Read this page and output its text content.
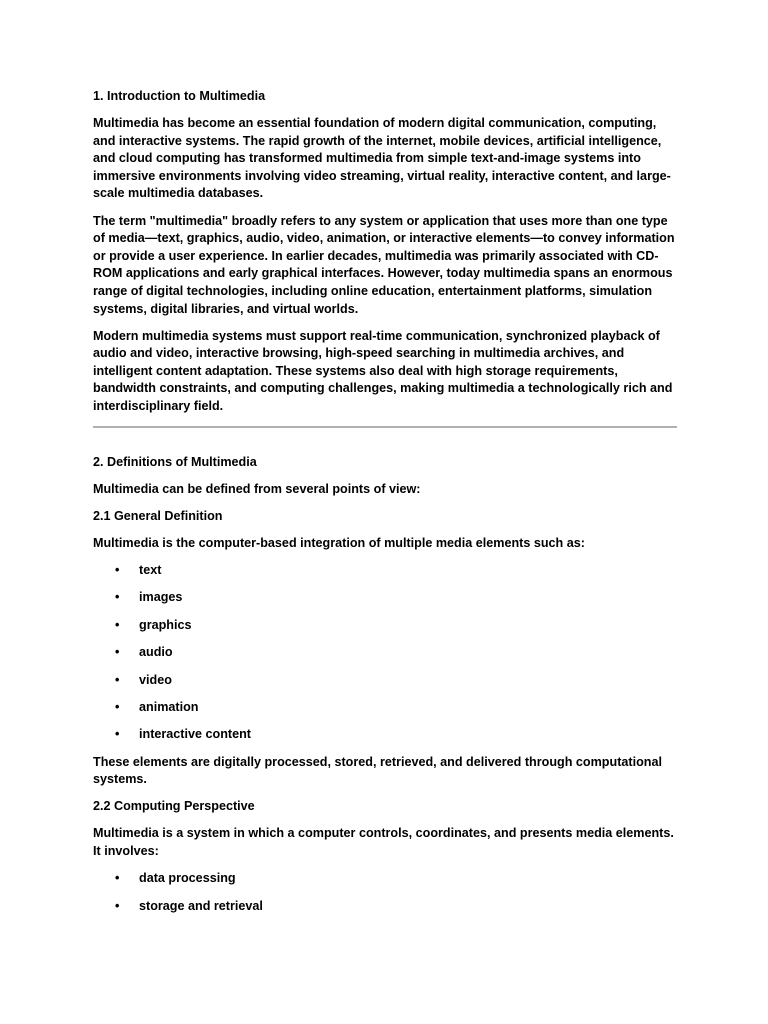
1. Introduction to Multimedia

Multimedia has become an essential foundation of modern digital communication, computing, and interactive systems. The rapid growth of the internet, mobile devices, artificial intelligence, and cloud computing has transformed multimedia from simple text-and-image systems into immersive environments involving video streaming, virtual reality, interactive content, and large-scale multimedia databases.

The term "multimedia" broadly refers to any system or application that uses more than one type of media—text, graphics, audio, video, animation, or interactive elements—to convey information or provide a user experience. In earlier decades, multimedia was primarily associated with CD-ROM applications and early graphical interfaces. However, today multimedia spans an enormous range of digital technologies, including online education, entertainment platforms, simulation systems, digital libraries, and virtual worlds.

Modern multimedia systems must support real-time communication, synchronized playback of audio and video, interactive browsing, high-speed searching in multimedia archives, and intelligent content adaptation. These systems also deal with high storage requirements, bandwidth constraints, and computing challenges, making multimedia a technologically rich and interdisciplinary field.

2. Definitions of Multimedia

Multimedia can be defined from several points of view:

2.1 General Definition

Multimedia is the computer-based integration of multiple media elements such as:

• text
• images
• graphics
• audio
• video
• animation
• interactive content

These elements are digitally processed, stored, retrieved, and delivered through computational systems.

2.2 Computing Perspective

Multimedia is a system in which a computer controls, coordinates, and presents media elements. It involves:

• data processing
• storage and retrieval
